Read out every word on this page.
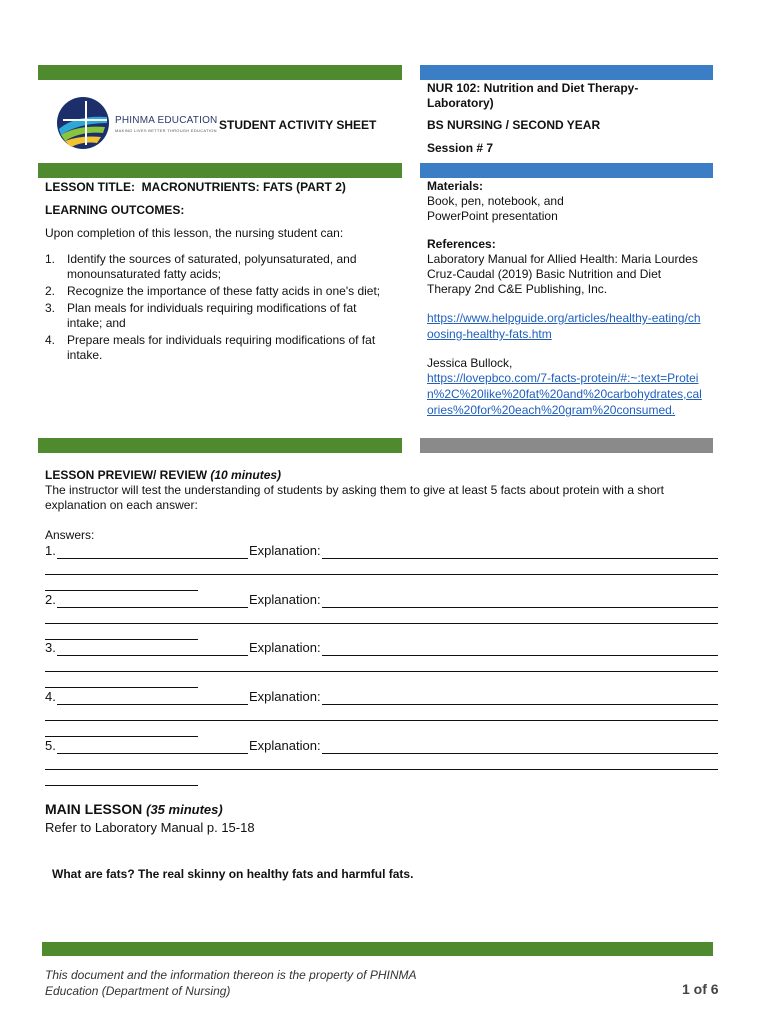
PHINMA EDUCATION
MAKING LIVES BETTER THROUGH EDUCATION STUDENT ACTIVITY SHEET
NUR 102: Nutrition and Diet Therapy-Laboratory)
BS NURSING / SECOND YEAR
Session # 7
LESSON TITLE: MACRONUTRIENTS: FATS (PART 2)
LEARNING OUTCOMES:
Upon completion of this lesson, the nursing student can:
1. Identify the sources of saturated, polyunsaturated, and monounsaturated fatty acids;
2. Recognize the importance of these fatty acids in one's diet;
3. Plan meals for individuals requiring modifications of fat intake; and
4. Prepare meals for individuals requiring modifications of fat intake.
Materials:
Book, pen, notebook, and PowerPoint presentation
References:
Laboratory Manual for Allied Health: Maria Lourdes Cruz-Caudal (2019) Basic Nutrition and Diet Therapy 2nd C&E Publishing, Inc.
https://www.helpguide.org/articles/healthy-eating/choosing-healthy-fats.htm
Jessica Bullock,
https://lovepbco.com/7-facts-protein/#:~:text=Protein%2C%20like%20fat%20and%20carbohydrates,calories%20for%20each%20gram%20consumed.
LESSON PREVIEW/ REVIEW (10 minutes)
The instructor will test the understanding of students by asking them to give at least 5 facts about protein with a short explanation on each answer:
Answers:
1.	Explanation:
2.	Explanation:
3.	Explanation:
4.	Explanation:
5.	Explanation:
MAIN LESSON (35 minutes)
Refer to Laboratory Manual p. 15-18
What are fats? The real skinny on healthy fats and harmful fats.
This document and the information thereon is the property of PHINMA Education (Department of Nursing)	1 of 6
